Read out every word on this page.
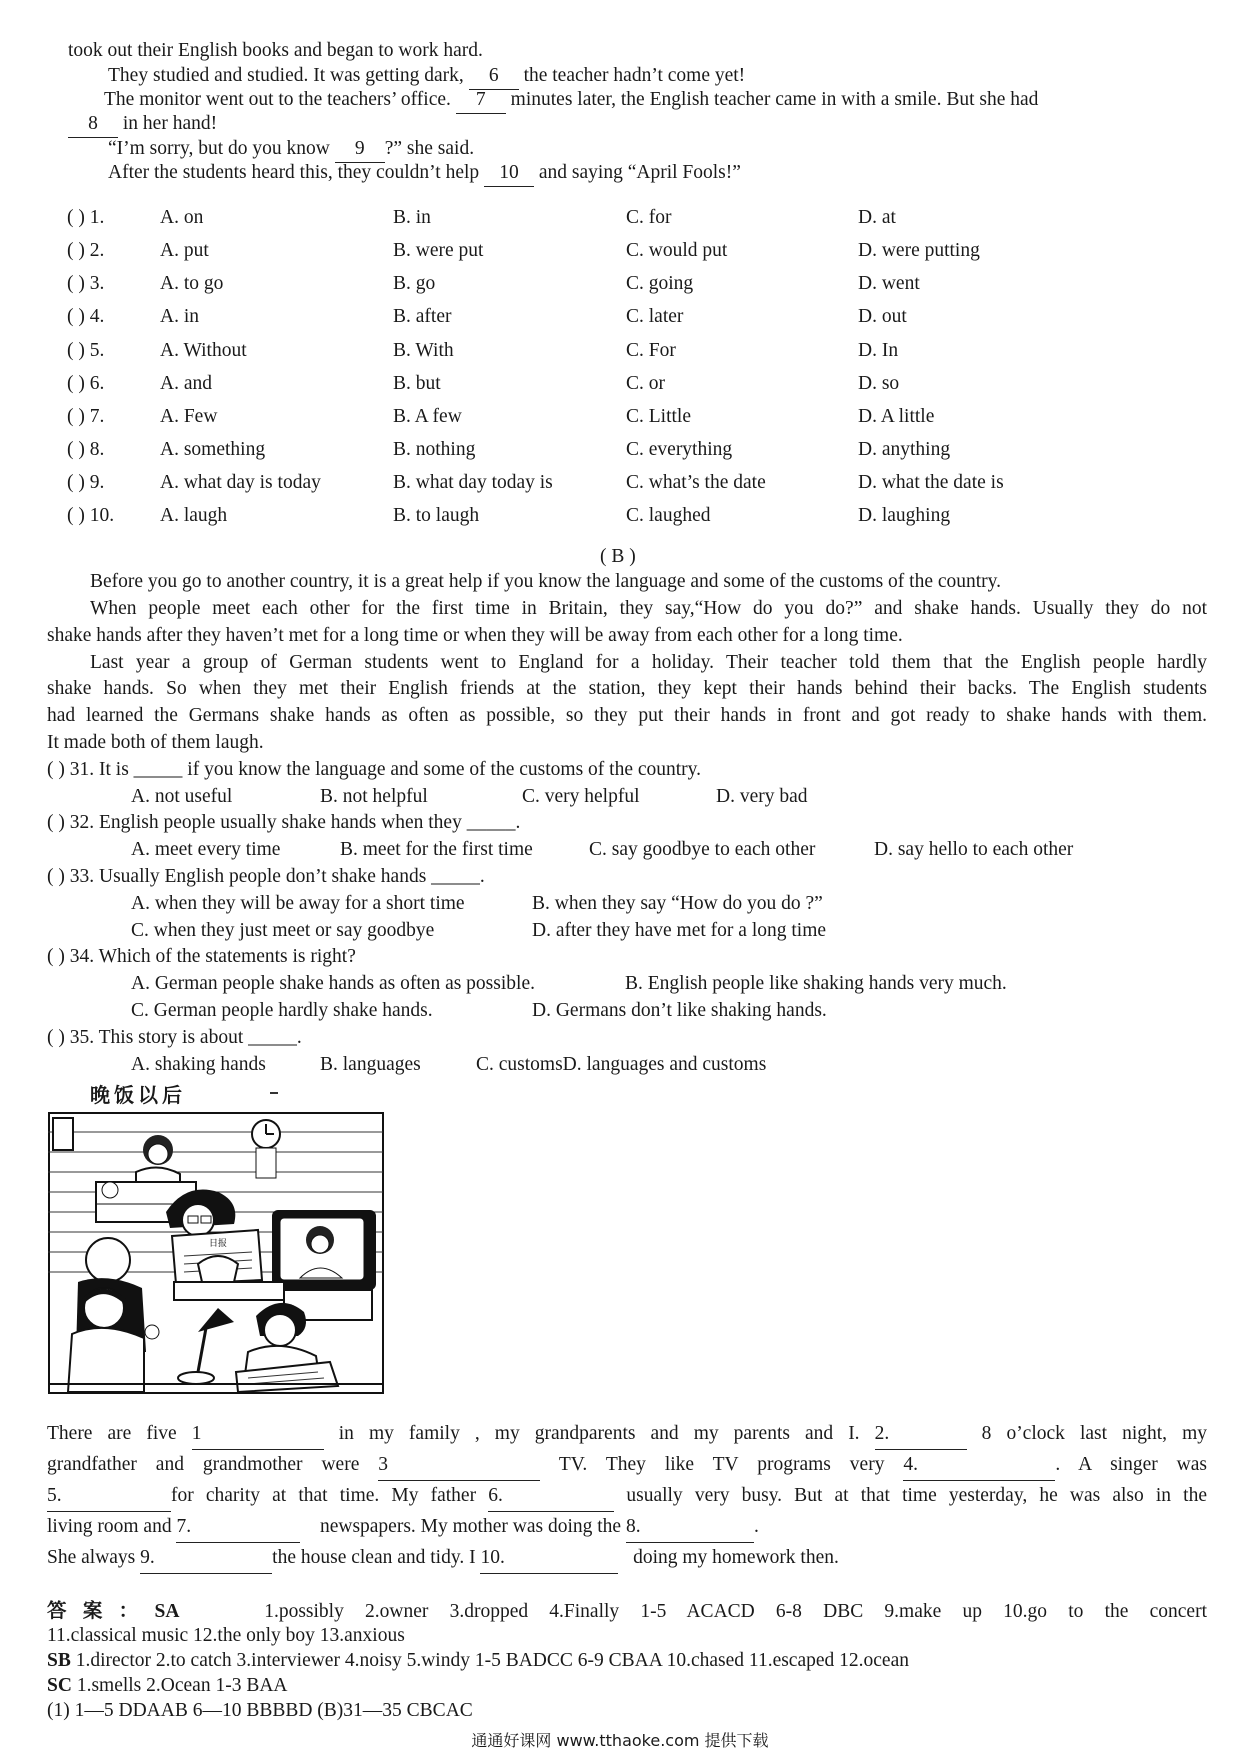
took out their English books and began to work hard.
They studied and studied. It was getting dark, 6 the teacher hadn’t come yet!
The monitor went out to the teachers’ office. 7 minutes later, the English teacher came in with a smile. But she had
8 in her hand!
“I’m sorry, but do you know 9 ?” she said.
After the students heard this, they couldn’t help 10 and saying “April Fools!”
( ) 1.	A. on	B. in	C. for	D. at
( ) 2.	A. put	B. were put	C. would put	D. were putting
( ) 3.	A. to go	B. go	C. going	D. went
( ) 4.	A. in	B. after	C. later	D. out
( ) 5.	A. Without	B. With	C. For	D. In
( ) 6.	A. and	B. but	C. or	D. so
( ) 7.	A. Few	B. A few	C. Little	D. A little
( ) 8.	A. something	B. nothing	C. everything	D. anything
( ) 9.	A. what day is today	B. what day today is	C. what’s the date	D. what the date is
( ) 10. A. laugh	B. to laugh	C. laughed	D. laughing
( B )
Before you go to another country, it is a great help if you know the language and some of the customs of the country.
When people meet each other for the first time in Britain, they say,“How do you do?” and shake hands. Usually they do not
shake hands after they haven’t met for a long time or when they will be away from each other for a long time.
Last year a group of German students went to England for a holiday. Their teacher told them that the English people hardly
shake hands. So when they met their English friends at the station, they kept their hands behind their backs. The English students
had learned the Germans shake hands as often as possible, so they put their hands in front and got ready to shake hands with them.
It made both of them laugh.
( ) 31. It is _____ if you know the language and some of the customs of the country.
A. not useful	B. not helpful	C. very helpful	D. very bad
( ) 32. English people usually shake hands when they _____.
A. meet every time	B. meet for the first time	C. say goodbye to each other	D. say hello to each other
( ) 33. Usually English people don’t shake hands _____.
A. when they will be away for a short time	B. when they say “How do you do ?”
C. when they just meet or say goodbye	D. after they have met for a long time
( ) 34. Which of the statements is right?
A. German people shake hands as often as possible.	B. English people like shaking hands very much.
C. German people hardly shake hands.	D. Germans don’t like shaking hands.
( ) 35. This story is about _____.
A. shaking hands	B. languages	C. customsD. languages and customs
晚饭以后
日报
There are five 1	in my family , my grandparents and my parents and I. 2.	8 o’clock last night, my
grandfather and grandmother were 3	TV. They like TV programs very 4.	. A singer was
5.	for charity at that time. My father 6.	usually very busy. But at that time yesterday, he was also in the
living room and 7.	newspapers. My mother was doing the 8.	.
She always 9.	the house clean and tidy. I 10.	doing my homework then.
答案：SA	1.possibly 2.owner 3.dropped 4.Finally 1-5 ACACD 6-8 DBC 9.make up 10.go to the concert
11.classical music 12.the only boy 13.anxious
SB 1.director 2.to catch 3.interviewer 4.noisy 5.windy 1-5 BADCC 6-9 CBAA 10.chased 11.escaped 12.ocean
SC 1.smells 2.Ocean 1-3 BAA
(1) 1—5 DDAAB 6—10 BBBBD (B)31—35 CBCAC
通通好课网 www.tthaoke.com 提供下载
